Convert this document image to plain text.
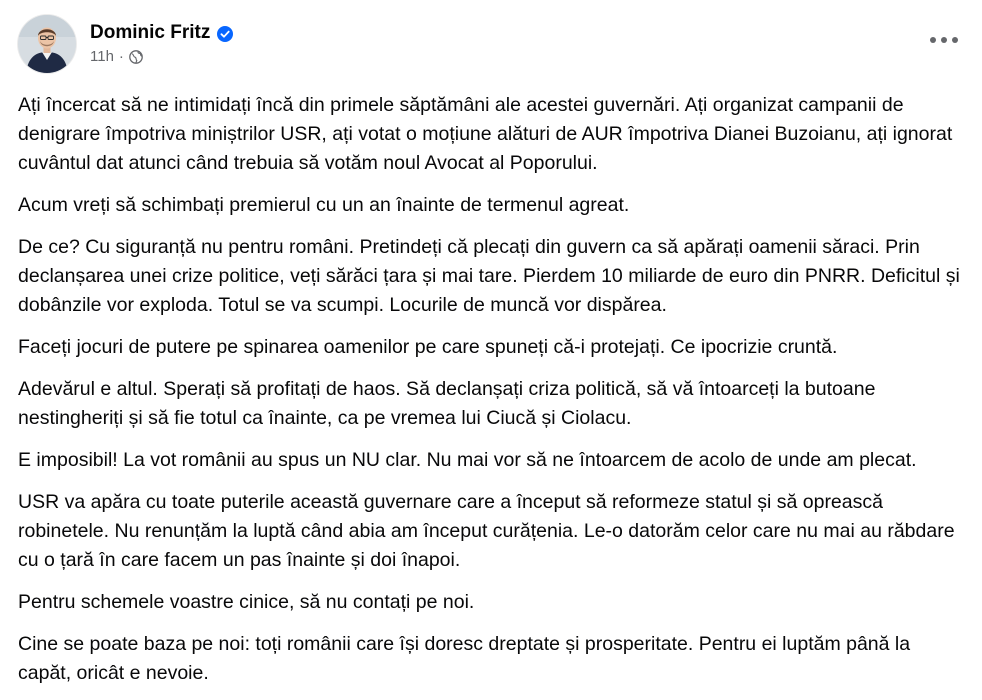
Dominic Fritz
11h ·

Ați încercat să ne intimidați încă din primele săptămâni ale acestei guvernări. Ați organizat campanii de denigrare împotriva miniștrilor USR, ați votat o moțiune alături de AUR împotriva Dianei Buzoianu, ați ignorat cuvântul dat atunci când trebuia să votăm noul Avocat al Poporului.

Acum vreți să schimbați premierul cu un an înainte de termenul agreat.

De ce? Cu siguranță nu pentru români. Pretindeți că plecați din guvern ca să apărați oamenii săraci. Prin declanșarea unei crize politice, veți sărăci țara și mai tare. Pierdem 10 miliarde de euro din PNRR. Deficitul și dobânzile vor exploda. Totul se va scumpi. Locurile de muncă vor dispărea.

Faceți jocuri de putere pe spinarea oamenilor pe care spuneți că-i protejați. Ce ipocrizie cruntă.

Adevărul e altul. Sperați să profitați de haos. Să declanșați criza politică, să vă întoarceți la butoane nestingheriți și să fie totul ca înainte, ca pe vremea lui Ciucă și Ciolacu.

E imposibil! La vot românii au spus un NU clar. Nu mai vor să ne întoarcem de acolo de unde am plecat.

USR va apăra cu toate puterile această guvernare care a început să reformeze statul și să oprească robinetele. Nu renunțăm la luptă când abia am început curățenia. Le-o datorăm celor care nu mai au răbdare cu o țară în care facem un pas înainte și doi înapoi.

Pentru schemele voastre cinice, să nu contați pe noi.

Cine se poate baza pe noi: toți românii care își doresc dreptate și prosperitate. Pentru ei luptăm până la capăt, oricât e nevoie.
